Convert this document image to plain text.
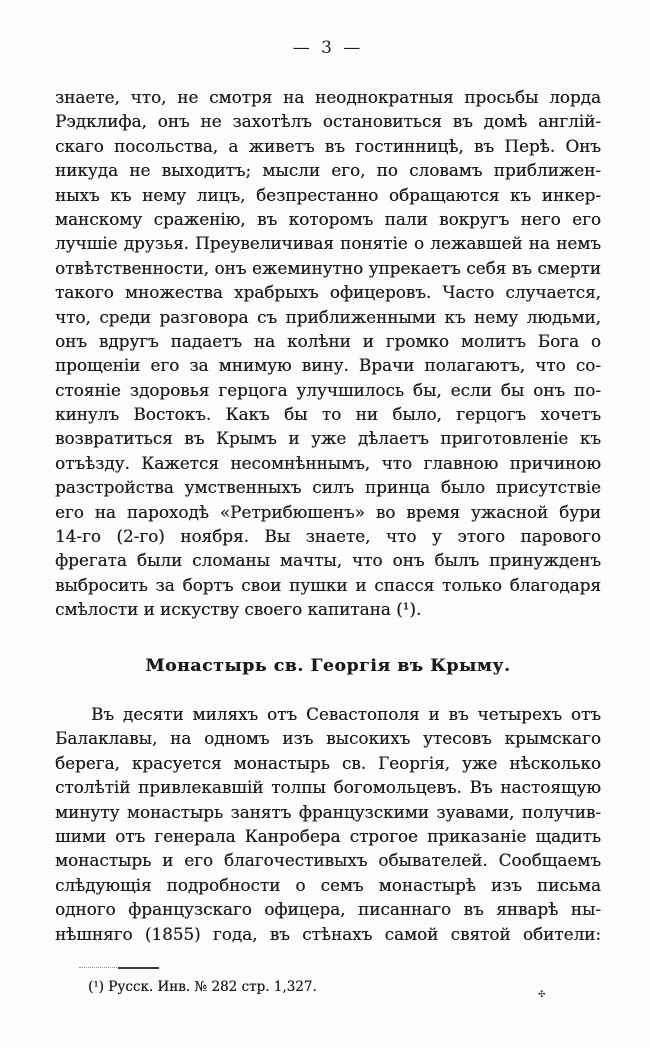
— 3 —
знаете, что, не смотря на неоднократныя просьбы лорда
Рэдклифа, онъ не захотѣлъ остановиться въ домѣ англій-
скаго посольства, а живетъ въ гостинницѣ, въ Перѣ. Онъ
никуда не выходитъ; мысли его, по словамъ приближен-
ныхъ къ нему лицъ, безпрестанно обращаются къ инкер-
манскому сраженію, въ которомъ пали вокругъ него его
лучшіе друзья. Преувеличивая понятіе о лежавшей на немъ
отвѣтственности, онъ ежеминутно упрекаетъ себя въ смерти
такого множества храбрыхъ офицеровъ. Часто случается,
что, среди разговора съ приближенными къ нему людьми,
онъ вдругъ падаетъ на колѣни и громко молитъ Бога о
прощеніи его за мнимую вину. Врачи полагаютъ, что со-
стояніе здоровья герцога улучшилось бы, если бы онъ по-
кинулъ Востокъ. Какъ бы то ни было, герцогъ хочетъ
возвратиться въ Крымъ и уже дѣлаетъ приготовленіе къ
отъѣзду. Кажется несомнѣннымъ, что главною причиною
разстройства умственныхъ силъ принца было присутствіе
его на пароходѣ «Ретрибюшенъ» во время ужасной бури
14-го (2-го) ноября. Вы знаете, что у этого парового
фрегата были сломаны мачты, что онъ былъ принужденъ
выбросить за бортъ свои пушки и спасся только благодаря
смѣлости и искуству своего капитана (¹).
Монастырь св. Георгія въ Крыму.
Въ десяти миляхъ отъ Севастополя и въ четырехъ отъ
Балаклавы, на одномъ изъ высокихъ утесовъ крымскаго
берега, красуется монастырь св. Георгія, уже нѣсколько
столѣтій привлекавшій толпы богомольцевъ. Въ настоящую
минуту монастырь занятъ французскими зуавами, получив-
шими отъ генерала Канробера строгое приказаніе щадить
монастырь и его благочестивыхъ обывателей. Сообщаемъ
слѣдующія подробности о семъ монастырѣ изъ письма
одного французскаго офицера, писаннаго въ январѣ ны-
нѣшняго (1855) года, въ стѣнахъ самой святой обители:
(¹) Русск. Инв. № 282 стр. 1,327.	✣
